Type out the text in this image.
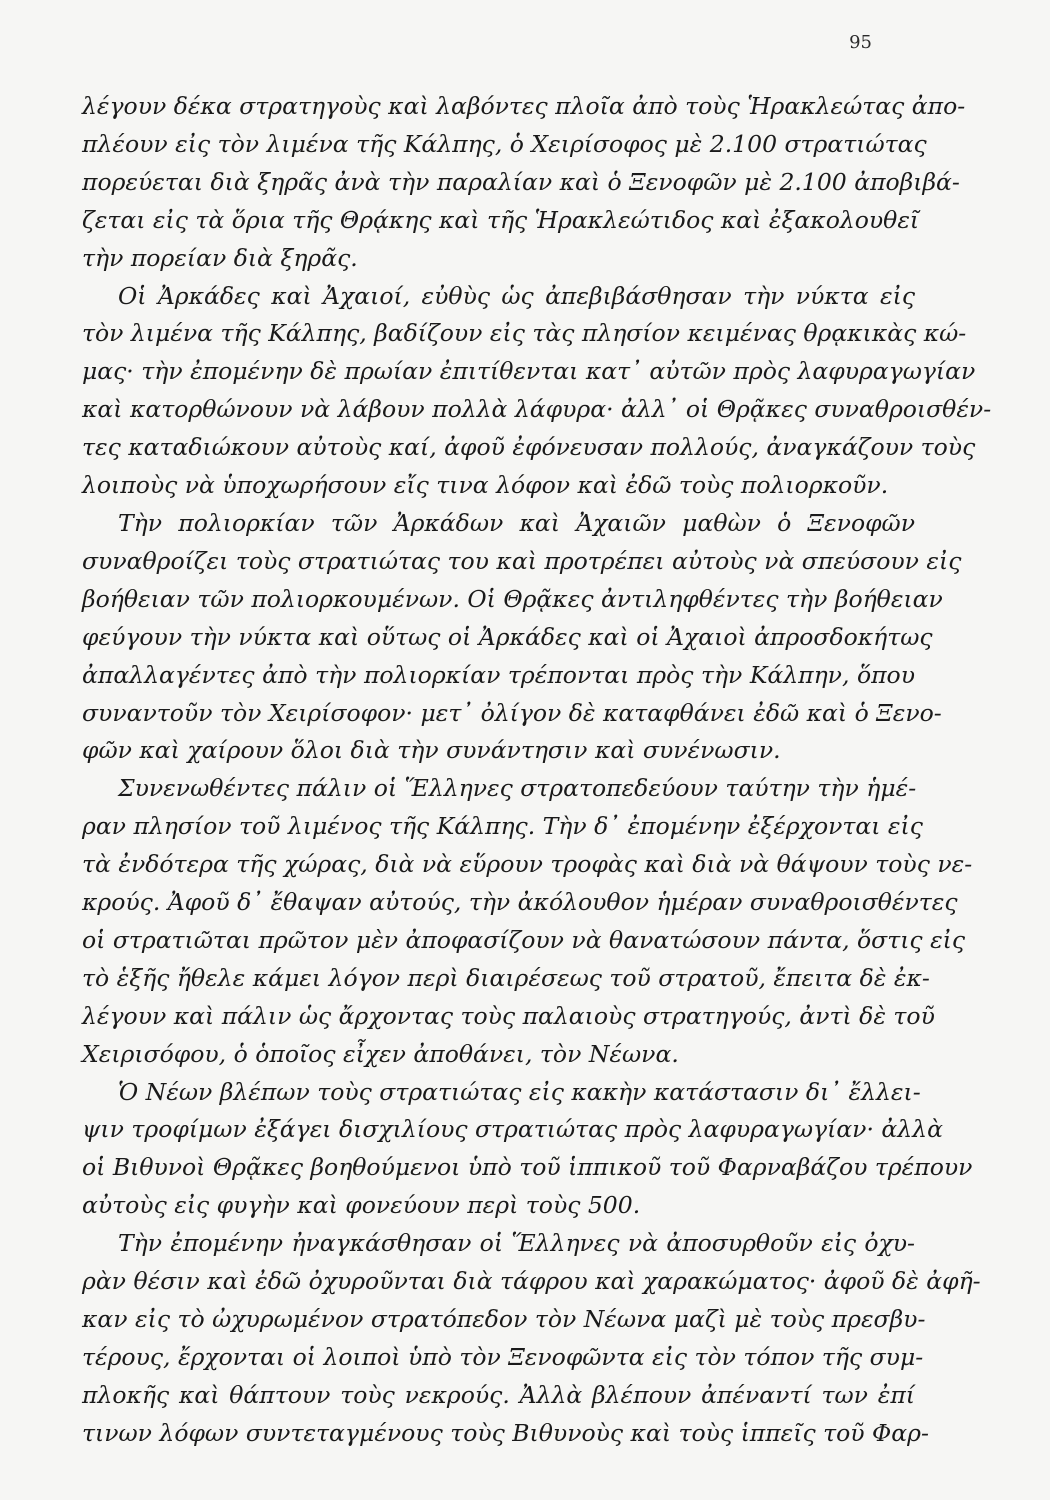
95
λέγουν δέκα στρατηγοὺς καὶ λαβόντες πλοῖα ἀπὸ τοὺς Ἡρακλεώτας ἀπο-
πλέουν εἰς τὸν λιμένα τῆς Κάλπης, ὁ Χειρίσοφος μὲ 2.100 στρατιώτας
πορεύεται διὰ ξηρᾶς ἀνὰ τὴν παραλίαν καὶ ὁ Ξενοφῶν μὲ 2.100 ἀποβιβά-
ζεται εἰς τὰ ὅρια τῆς Θρᾴκης καὶ τῆς Ἡρακλεώτιδος καὶ ἐξακολουθεῖ
τὴν πορείαν διὰ ξηρᾶς.
Οἱ Ἀρκάδες καὶ Ἀχαιοί, εὐθὺς ὡς ἀπεβιβάσθησαν τὴν νύκτα εἰς
τὸν λιμένα τῆς Κάλπης, βαδίζουν εἰς τὰς πλησίον κειμένας θρᾳκικὰς κώ-
μας· τὴν ἐπομένην δὲ πρωίαν ἐπιτίθενται κατ᾽ αὐτῶν πρὸς λαφυραγωγίαν
καὶ κατορθώνουν νὰ λάβουν πολλὰ λάφυρα· ἀλλ᾽ οἱ Θρᾷκες συναθροισθέν-
τες καταδιώκουν αὐτοὺς καί, ἀφοῦ ἐφόνευσαν πολλούς, ἀναγκάζουν τοὺς
λοιποὺς νὰ ὑποχωρήσουν εἴς τινα λόφον καὶ ἐδῶ τοὺς πολιορκοῦν.
Τὴν πολιορκίαν τῶν Ἀρκάδων καὶ Ἀχαιῶν μαθὼν ὁ Ξενοφῶν
συναθροίζει τοὺς στρατιώτας του καὶ προτρέπει αὐτοὺς νὰ σπεύσουν εἰς
βοήθειαν τῶν πολιορκουμένων. Οἱ Θρᾷκες ἀντιληφθέντες τὴν βοήθειαν
φεύγουν τὴν νύκτα καὶ οὕτως οἱ Ἀρκάδες καὶ οἱ Ἀχαιοὶ ἀπροσδοκήτως
ἀπαλλαγέντες ἀπὸ τὴν πολιορκίαν τρέπονται πρὸς τὴν Κάλπην, ὅπου
συναντοῦν τὸν Χειρίσοφον· μετ᾽ ὀλίγον δὲ καταφθάνει ἐδῶ καὶ ὁ Ξενο-
φῶν καὶ χαίρουν ὅλοι διὰ τὴν συνάντησιν καὶ συνένωσιν.
Συνενωθέντες πάλιν οἱ Ἕλληνες στρατοπεδεύουν ταύτην τὴν ἡμέ-
ραν πλησίον τοῦ λιμένος τῆς Κάλπης. Τὴν δ᾽ ἐπομένην ἐξέρχονται εἰς
τὰ ἐνδότερα τῆς χώρας, διὰ νὰ εὕρουν τροφὰς καὶ διὰ νὰ θάψουν τοὺς νε-
κρούς. Ἀφοῦ δ᾽ ἔθαψαν αὐτούς, τὴν ἀκόλουθον ἡμέραν συναθροισθέντες
οἱ στρατιῶται πρῶτον μὲν ἀποφασίζουν νὰ θανατώσουν πάντα, ὅστις εἰς
τὸ ἑξῆς ἤθελε κάμει λόγον περὶ διαιρέσεως τοῦ στρατοῦ, ἔπειτα δὲ ἐκ-
λέγουν καὶ πάλιν ὡς ἄρχοντας τοὺς παλαιοὺς στρατηγούς, ἀντὶ δὲ τοῦ
Χειρισόφου, ὁ ὁποῖος εἶχεν ἀποθάνει, τὸν Νέωνα.
Ὁ Νέων βλέπων τοὺς στρατιώτας εἰς κακὴν κατάστασιν δι᾽ ἔλλει-
ψιν τροφίμων ἐξάγει δισχιλίους στρατιώτας πρὸς λαφυραγωγίαν· ἀλλὰ
οἱ Βιθυνοὶ Θρᾷκες βοηθούμενοι ὑπὸ τοῦ ἱππικοῦ τοῦ Φαρναβάζου τρέπουν
αὐτοὺς εἰς φυγὴν καὶ φονεύουν περὶ τοὺς 500.
Τὴν ἐπομένην ἠναγκάσθησαν οἱ Ἕλληνες νὰ ἀποσυρθοῦν εἰς ὀχυ-
ρὰν θέσιν καὶ ἐδῶ ὀχυροῦνται διὰ τάφρου καὶ χαρακώματος· ἀφοῦ δὲ ἀφῆ-
καν εἰς τὸ ὠχυρωμένον στρατόπεδον τὸν Νέωνα μαζὶ μὲ τοὺς πρεσβυ-
τέρους, ἔρχονται οἱ λοιποὶ ὑπὸ τὸν Ξενοφῶντα εἰς τὸν τόπον τῆς συμ-
πλοκῆς καὶ θάπτουν τοὺς νεκρούς. Ἀλλὰ βλέπουν ἀπέναντί των ἐπί
τινων λόφων συντεταγμένους τοὺς Βιθυνοὺς καὶ τοὺς ἱππεῖς τοῦ Φαρ-
